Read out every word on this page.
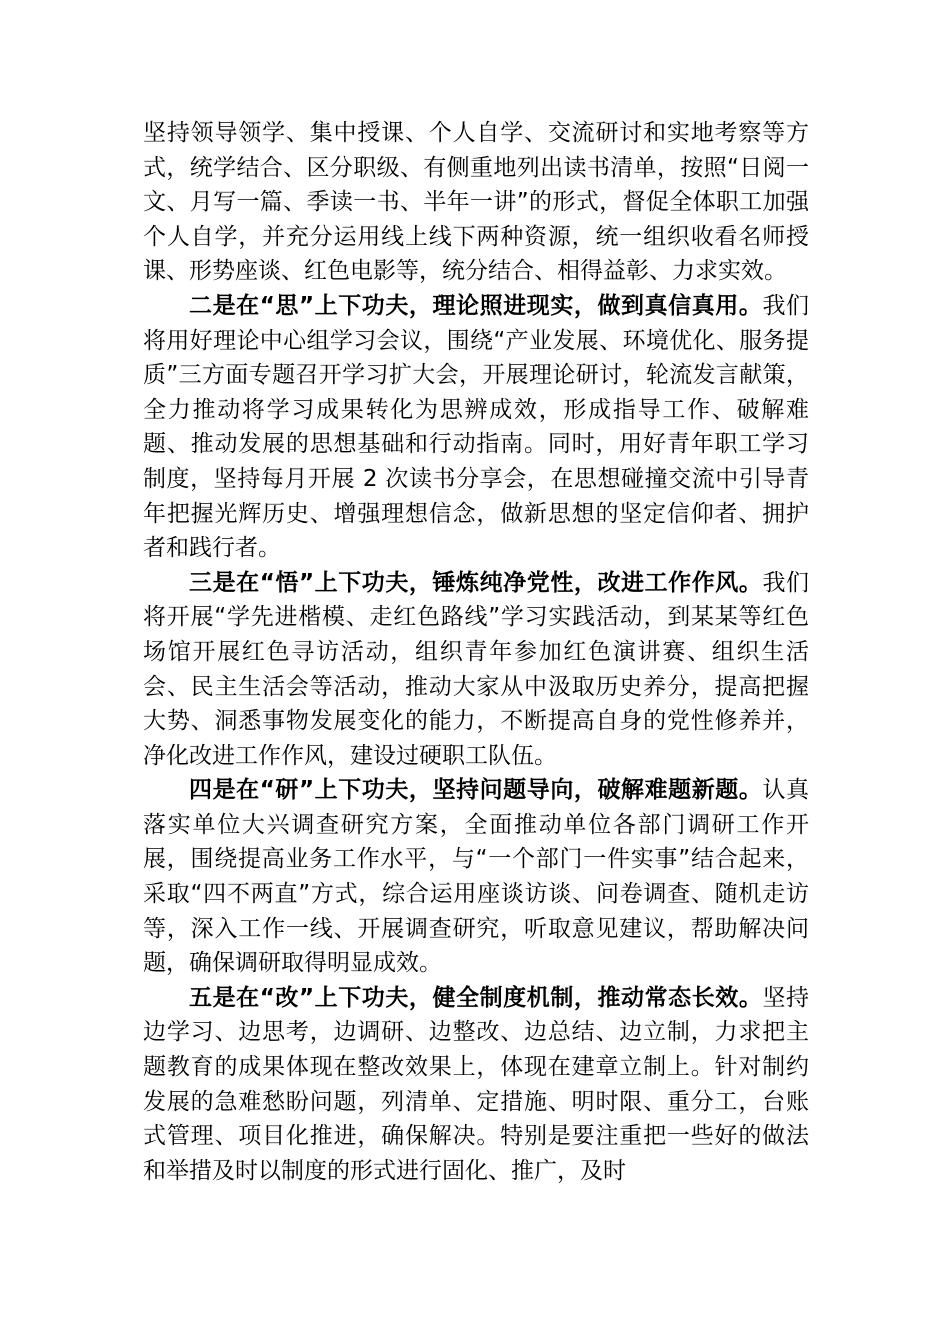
坚持领导领学、集中授课、个人自学、交流研讨和实地考察等方式，统学结合、区分职级、有侧重地列出读书清单，按照“日阅一文、月写一篇、季读一书、半年一讲”的形式，督促全体职工加强个人自学，并充分运用线上线下两种资源，统一组织收看名师授课、形势座谈、红色电影等，统分结合、相得益彰、力求实效。

二是在“思”上下功夫，理论照进现实，做到真信真用。我们将用好理论中心组学习会议，围绕“产业发展、环境优化、服务提质”三方面专题召开学习扩大会，开展理论研讨，轮流发言献策，全力推动将学习成果转化为思辨成效，形成指导工作、破解难题、推动发展的思想基础和行动指南。同时，用好青年职工学习制度，坚持每月开展 2 次读书分享会，在思想碰撞交流中引导青年把握光辉历史、增强理想信念，做新思想的坚定信仰者、拥护者和践行者。

三是在“悟”上下功夫，锤炼纯净党性，改进工作作风。我们将开展“学先进楷模、走红色路线”学习实践活动，到某某等红色场馆开展红色寻访活动，组织青年参加红色演讲赛、组织生活会、民主生活会等活动，推动大家从中汲取历史养分，提高把握大势、洞悉事物发展变化的能力，不断提高自身的党性修养并，净化改进工作作风，建设过硬职工队伍。

四是在“研”上下功夫，坚持问题导向，破解难题新题。认真落实单位大兴调查研究方案，全面推动单位各部门调研工作开展，围绕提高业务工作水平，与“一个部门一件实事”结合起来，采取“四不两直”方式，综合运用座谈访谈、问卷调查、随机走访等，深入工作一线、开展调查研究，听取意见建议，帮助解决问题，确保调研取得明显成效。

五是在“改”上下功夫，健全制度机制，推动常态长效。坚持边学习、边思考，边调研、边整改、边总结、边立制，力求把主题教育的成果体现在整改效果上，体现在建章立制上。针对制约发展的急难愁盼问题，列清单、定措施、明时限、重分工，台账式管理、项目化推进，确保解决。特别是要注重把一些好的做法和举措及时以制度的形式进行固化、推广，及时
